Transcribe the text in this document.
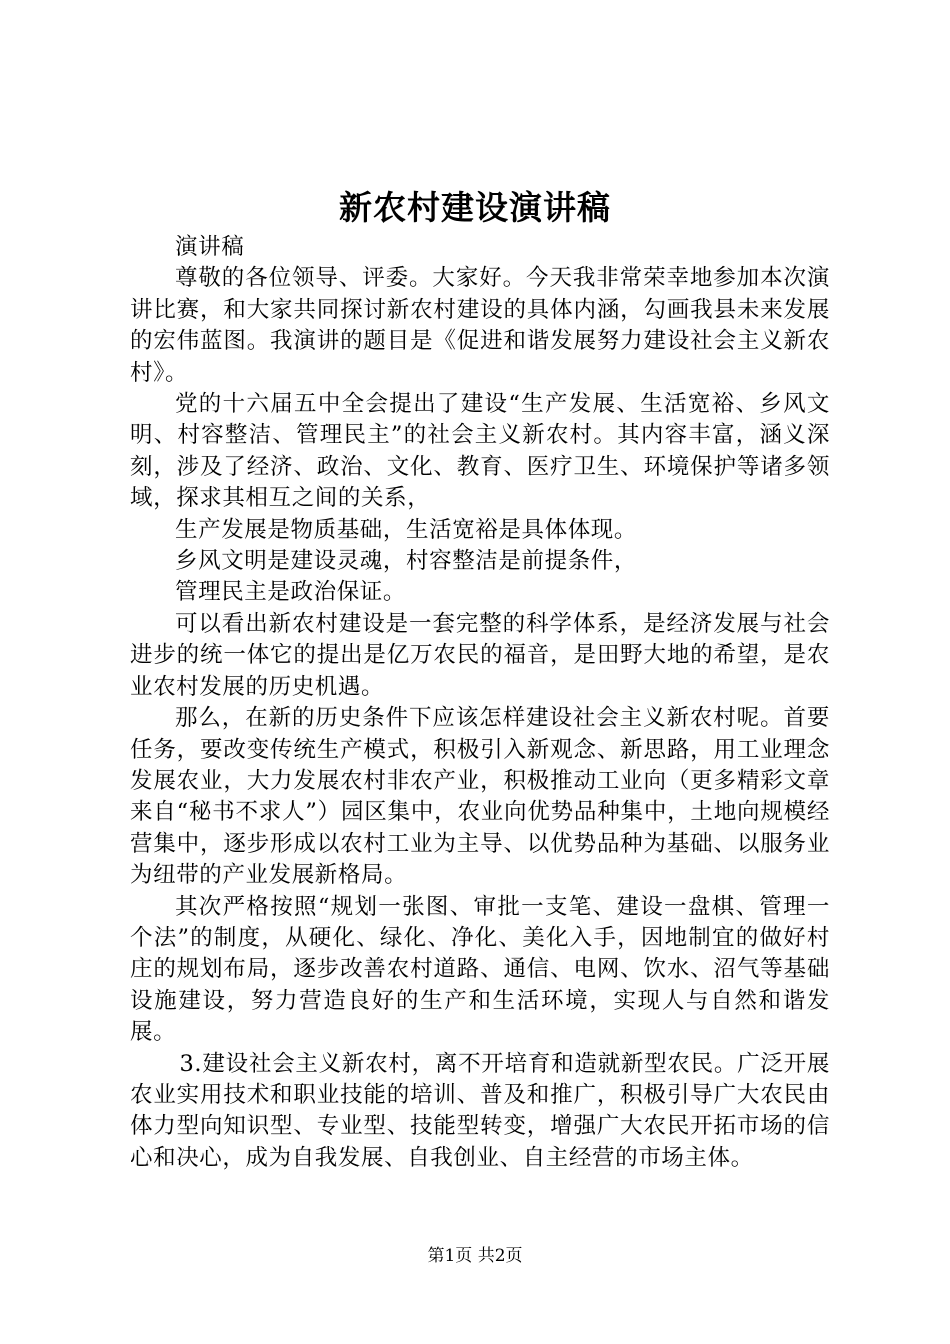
新农村建设演讲稿

演讲稿

尊敬的各位领导、评委。大家好。今天我非常荣幸地参加本次演讲比赛，和大家共同探讨新农村建设的具体内涵，勾画我县未来发展的宏伟蓝图。我演讲的题目是《促进和谐发展努力建设社会主义新农村》。

党的十六届五中全会提出了建设“生产发展、生活宽裕、乡风文明、村容整洁、管理民主”的社会主义新农村。其内容丰富，涵义深刻，涉及了经济、政治、文化、教育、医疗卫生、环境保护等诸多领域，探求其相互之间的关系，

生产发展是物质基础，生活宽裕是具体体现。

乡风文明是建设灵魂，村容整洁是前提条件，

管理民主是政治保证。

可以看出新农村建设是一套完整的科学体系，是经济发展与社会进步的统一体它的提出是亿万农民的福音，是田野大地的希望，是农业农村发展的历史机遇。

那么，在新的历史条件下应该怎样建设社会主义新农村呢。首要任务，要改变传统生产模式，积极引入新观念、新思路，用工业理念发展农业，大力发展农村非农产业，积极推动工业向（更多精彩文章来自“秘书不求人”）园区集中，农业向优势品种集中，土地向规模经营集中，逐步形成以农村工业为主导、以优势品种为基础、以服务业为纽带的产业发展新格局。

其次严格按照“规划一张图、审批一支笔、建设一盘棋、管理一个法”的制度，从硬化、绿化、净化、美化入手，因地制宜的做好村庄的规划布局，逐步改善农村道路、通信、电网、饮水、沼气等基础设施建设，努力营造良好的生产和生活环境，实现人与自然和谐发展。

3.建设社会主义新农村，离不开培育和造就新型农民。广泛开展农业实用技术和职业技能的培训、普及和推广，积极引导广大农民由体力型向知识型、专业型、技能型转变，增强广大农民开拓市场的信心和决心，成为自我发展、自我创业、自主经营的市场主体。

第1页 共2页
